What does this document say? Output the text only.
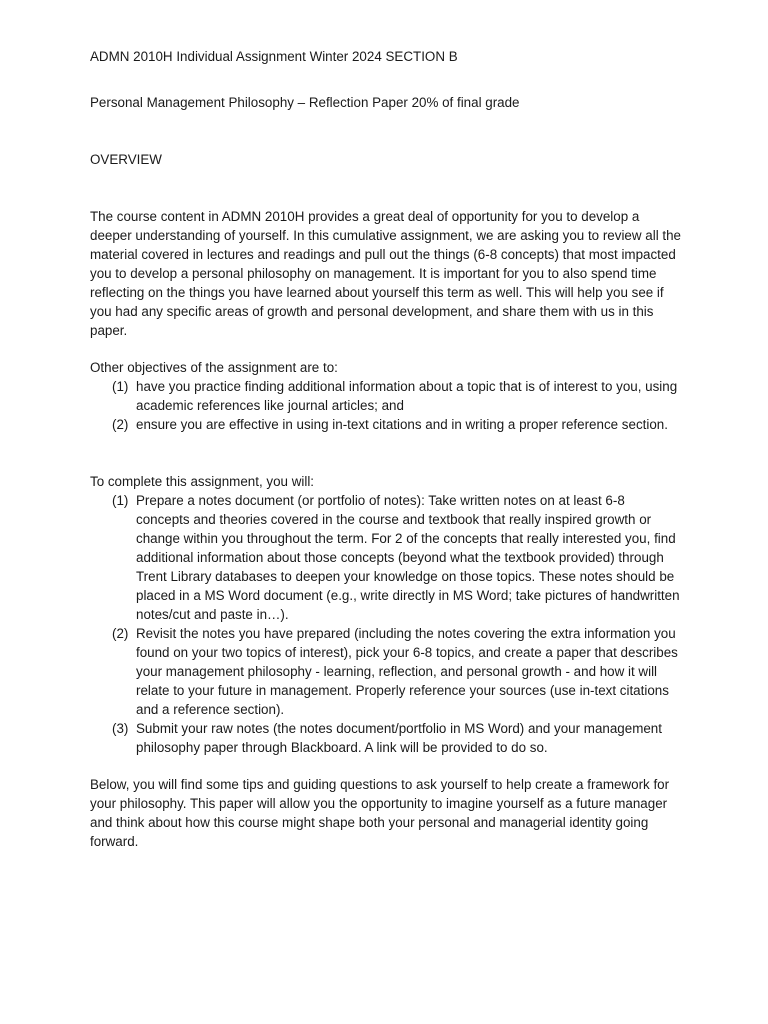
ADMN 2010H Individual Assignment Winter 2024 SECTION B

Personal Management Philosophy – Reflection Paper 20% of final grade

OVERVIEW

The course content in ADMN 2010H provides a great deal of opportunity for you to develop a deeper understanding of yourself. In this cumulative assignment, we are asking you to review all the material covered in lectures and readings and pull out the things (6-8 concepts) that most impacted you to develop a personal philosophy on management. It is important for you to also spend time reflecting on the things you have learned about yourself this term as well. This will help you see if you had any specific areas of growth and personal development, and share them with us in this paper.

Other objectives of the assignment are to:

(1) have you practice finding additional information about a topic that is of interest to you, using academic references like journal articles; and
(2) ensure you are effective in using in-text citations and in writing a proper reference section.

To complete this assignment, you will:

(1) Prepare a notes document (or portfolio of notes): Take written notes on at least 6-8 concepts and theories covered in the course and textbook that really inspired growth or change within you throughout the term. For 2 of the concepts that really interested you, find additional information about those concepts (beyond what the textbook provided) through Trent Library databases to deepen your knowledge on those topics. These notes should be placed in a MS Word document (e.g., write directly in MS Word; take pictures of handwritten notes/cut and paste in…).
(2) Revisit the notes you have prepared (including the notes covering the extra information you found on your two topics of interest), pick your 6-8 topics, and create a paper that describes your management philosophy - learning, reflection, and personal growth - and how it will relate to your future in management. Properly reference your sources (use in-text citations and a reference section).
(3) Submit your raw notes (the notes document/portfolio in MS Word) and your management philosophy paper through Blackboard. A link will be provided to do so.

Below, you will find some tips and guiding questions to ask yourself to help create a framework for your philosophy. This paper will allow you the opportunity to imagine yourself as a future manager and think about how this course might shape both your personal and managerial identity going forward.
